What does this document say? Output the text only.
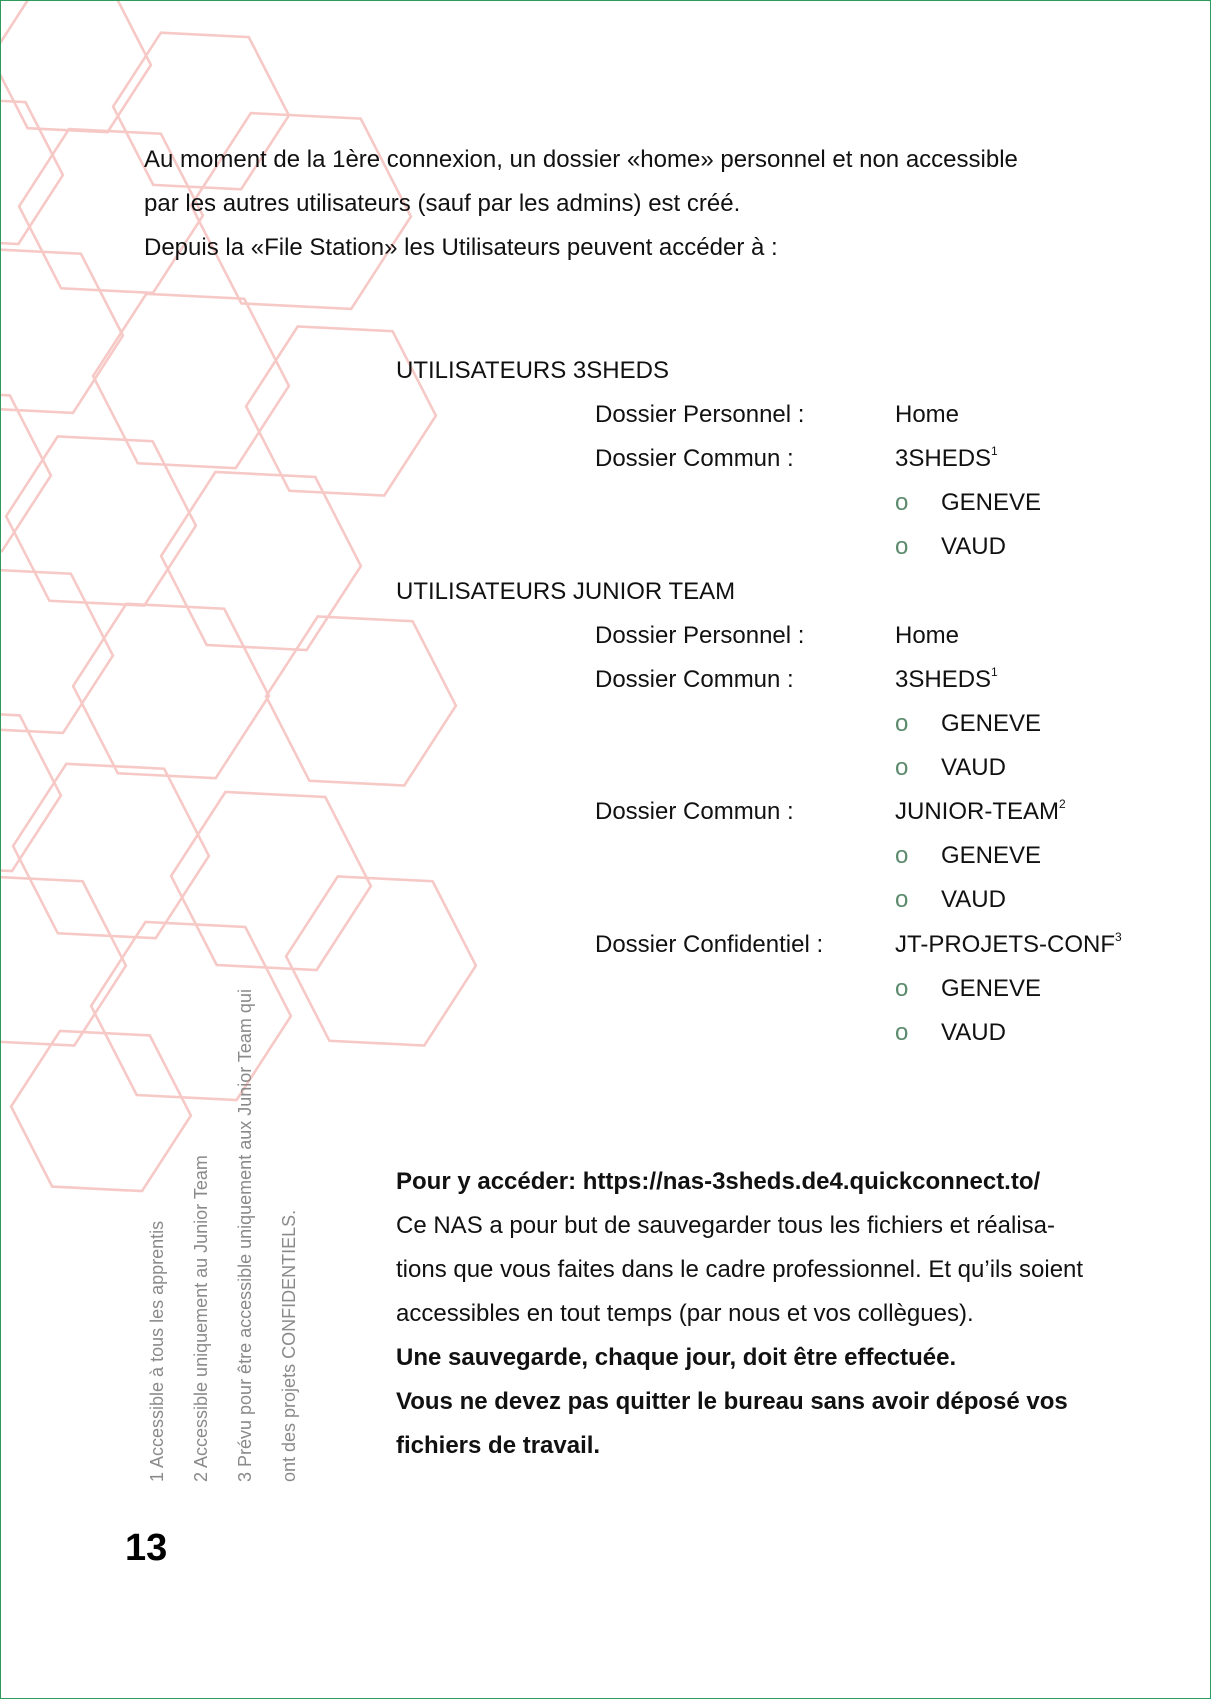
Au moment de la 1ère connexion, un dossier «home» personnel et non accessible
par les autres utilisateurs (sauf par les admins) est créé.
Depuis la «File Station» les Utilisateurs peuvent accéder à :
UTILISATEURS 3SHEDS
Dossier Personnel :	Home
Dossier Commun :	3SHEDS$^1$
o GENEVE
o VAUD
UTILISATEURS JUNIOR TEAM
Dossier Personnel :	Home
Dossier Commun :	3SHEDS$^1$
o GENEVE
o VAUD
Dossier Commun :	JUNIOR-TEAM$^2$
o GENEVE
o VAUD
Dossier Confidentiel :	JT-PROJETS-CONF$^3$
o GENEVE
o VAUD
Pour y accéder: https://nas-3sheds.de4.quickconnect.to/
Ce NAS a pour but de sauvegarder tous les fichiers et réalisa-
tions que vous faites dans le cadre professionnel. Et qu’ils soient
accessibles en tout temps (par nous et vos collègues).
Une sauvegarde, chaque jour, doit être effectuée.
Vous ne devez pas quitter le bureau sans avoir déposé vos
fichiers de travail.
1 Accessible à tous les apprentis	2 Accessible uniquement au Junior Team	3 Prévu pour être accessible uniquement aux Junior Team qui	ont des projets CONFIDENTIELS.
13
